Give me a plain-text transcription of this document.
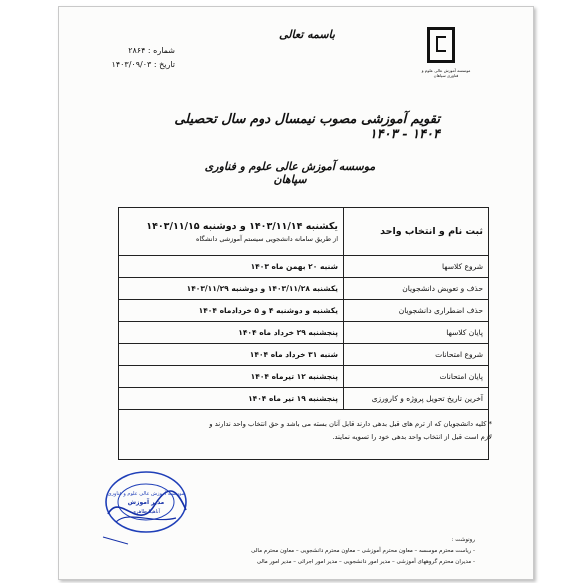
موسسه آموزش عالی علوم و فناوری سپاهان
باسمه تعالی
شماره : ۲۸۶۴
تاریخ : ۱۴۰۳/۰۹/۰۳
تقویم آموزشی مصوب نیمسال دوم سال تحصیلی ۱۴۰۴ - ۱۴۰۳
موسسه آموزش عالی علوم و فناوری سپاهان
ثبت نام و انتخاب واحد	یکشنبه ۱۴۰۳/۱۱/۱۴ و دوشنبه ۱۴۰۳/۱۱/۱۵
از طریق سامانه دانشجویی سیستم آموزشی دانشگاه

شروع کلاسها	شنبه ۲۰ بهمن ماه ۱۴۰۳
حذف و تعویض دانشجویان	یکشنبه ۱۴۰۳/۱۱/۲۸ و دوشنبه ۱۴۰۳/۱۱/۲۹
حذف اضطراری دانشجویان	یکشنبه و دوشنبه ۴ و ۵ خردادماه ۱۴۰۴
پایان کلاسها	پنجشنبه ۲۹ خرداد ماه ۱۴۰۴
شروع امتحانات	شنبه ۳۱ خرداد ماه ۱۴۰۴
پایان امتحانات	پنجشنبه ۱۲ تیرماه ۱۴۰۴
آخرین تاریخ تحویل پروژه و کارورزی	پنجشنبه ۱۹ تیر ماه ۱۴۰۴

* کلیه دانشجویان که از ترم های قبل بدهی دارند قابل آنان بسته می باشد و حق انتخاب واحد ندارند و
لازم است قبل از انتخاب واحد بدهی خود را تسویه نمایند.
موسسه آموزش عالی علوم و فناوری
مدیر آموزش
آناهیتا طاهری
رونوشت :
- ریاست محترم موسسه – معاون محترم آموزشی – معاون محترم دانشجویی – معاون محترم مالی
- مدیران محترم گروههای آموزشی – مدیر امور دانشجویی – مدیر امور اجرائی – مدیر امور مالی
